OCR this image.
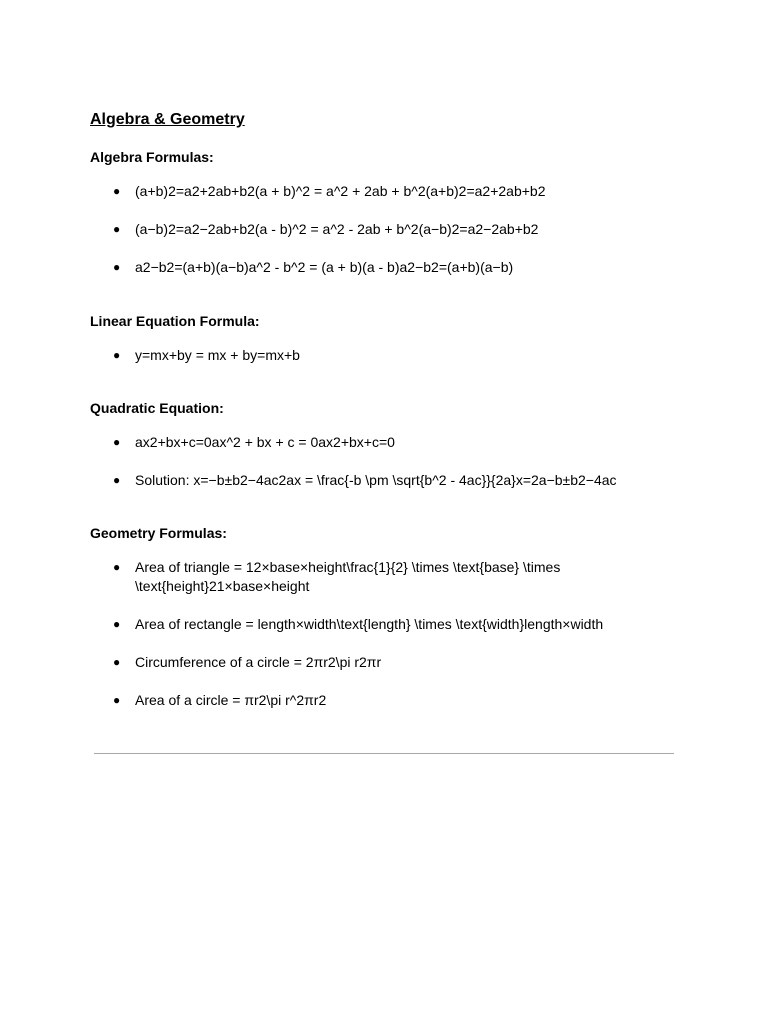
Algebra & Geometry
Algebra Formulas:
● (a+b)2=a2+2ab+b2(a + b)^2 = a^2 + 2ab + b^2(a+b)2=a2+2ab+b2
● (a−b)2=a2−2ab+b2(a - b)^2 = a^2 - 2ab + b^2(a−b)2=a2−2ab+b2
● a2−b2=(a+b)(a−b)a^2 - b^2 = (a + b)(a - b)a2−b2=(a+b)(a−b)
Linear Equation Formula:
● y=mx+by = mx + by=mx+b
Quadratic Equation:
● ax2+bx+c=0ax^2 + bx + c = 0ax2+bx+c=0
● Solution: x=−b±b2−4ac2ax = \frac{-b \pm \sqrt{b^2 - 4ac}}{2a}x=2a−b±b2−4ac
Geometry Formulas:
● Area of triangle = 12×base×height\frac{1}{2} \times \text{base} \times \text{height}21×base×height
● Area of rectangle = length×width\text{length} \times \text{width}length×width
● Circumference of a circle = 2πr2\pi r2πr
● Area of a circle = πr2\pi r^2πr2
